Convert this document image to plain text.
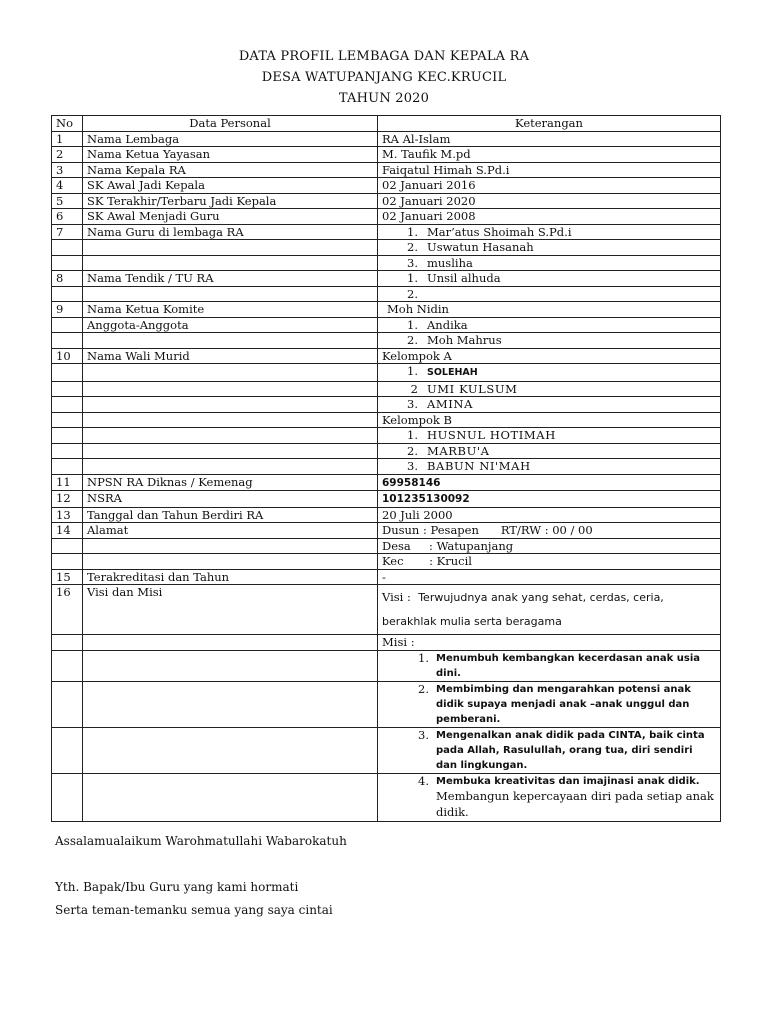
DATA PROFIL LEMBAGA DAN KEPALA RA
DESA WATUPANJANG KEC.KRUCIL
TAHUN 2020
No	Data Personal	Keterangan
1	Nama Lembaga	RA Al-Islam
2	Nama Ketua Yayasan	M. Taufik M.pd
3	Nama Kepala RA	Faiqatul Himah S.Pd.i
4	SK Awal Jadi Kepala	02 Januari 2016
5	SK Terakhir/Terbaru Jadi Kepala	02 Januari 2020
6	SK Awal Menjadi Guru	02 Januari 2008
7	Nama Guru di lembaga RA	1. Mar’atus Shoimah S.Pd.i
		2. Uswatun Hasanah
		3. musliha
8	Nama Tendik / TU RA	1. Unsil alhuda
		2.
9	Nama Ketua Komite	Moh Nidin
	Anggota-Anggota	1. Andika
		2. Moh Mahrus
10	Nama Wali Murid	Kelompok A
		1. SOLEHAH
		2 UMI KULSUM
		3. AMINA
		Kelompok B
		1. HUSNUL HOTIMAH
		2. MARBU'A
		3. BABUN NI'MAH
11	NPSN RA Diknas / Kemenag	69958146
12	NSRA	101235130092
13	Tanggal dan Tahun Berdiri RA	20 Juli 2000
14	Alamat	Dusun : Pesapen      RT/RW : 00 / 00
		Desa     : Watupanjang
		Kec       : Krucil
15	Terakreditasi dan Tahun	-
16	Visi dan Misi	Visi :  Terwujudnya anak yang sehat, cerdas, ceria,
berakhlak mulia serta beragama

		Misi :

		1. Menumbuh kembangkan kecerdasan anak usia dini.

		2. Membimbing dan mengarahkan potensi anak didik supaya menjadi anak –anak unggul dan pemberani.

		3. Mengenalkan anak didik pada CINTA, baik cinta pada Allah, Rasulullah, orang tua, diri sendiri dan lingkungan.

		4. Membuka kreativitas dan imajinasi anak didik.
Membangun kepercayaan diri pada setiap anak didik.
Assalamualaikum Warohmatullahi Wabarokatuh
Yth. Bapak/Ibu Guru yang kami hormati
Serta teman-temanku semua yang saya cintai
